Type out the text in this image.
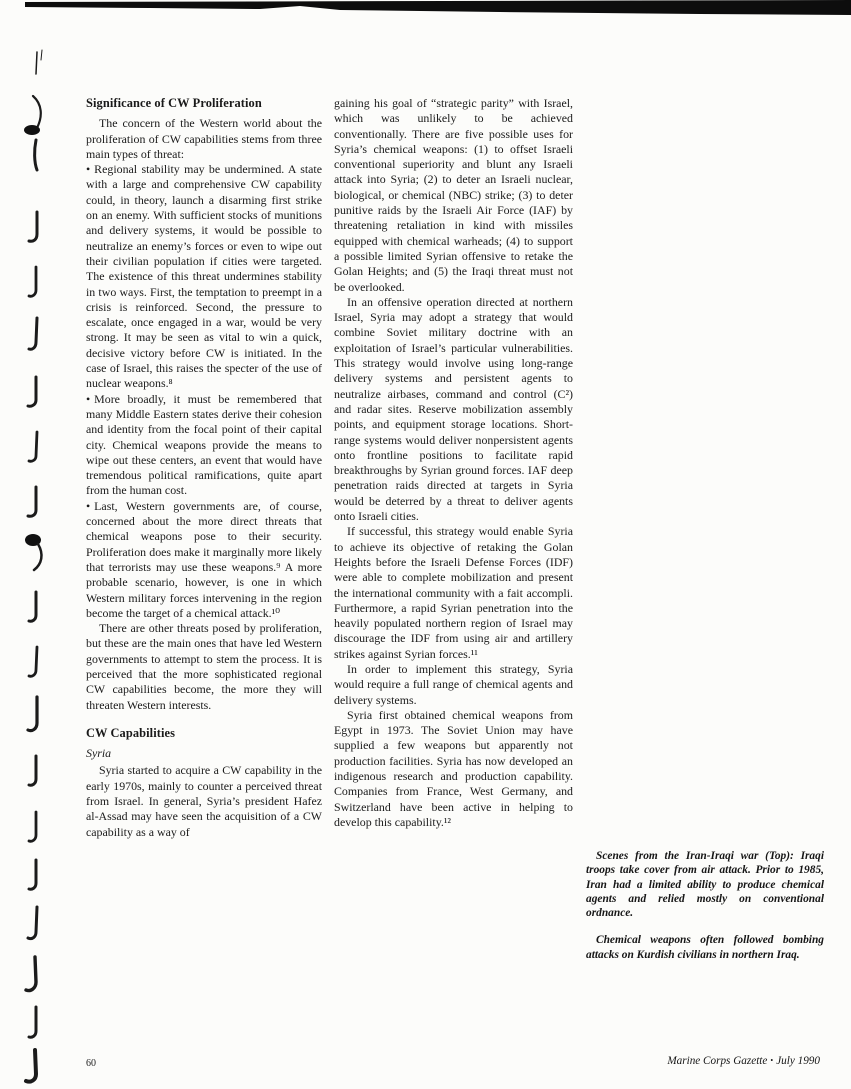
Significance of CW Proliferation

The concern of the Western world about the proliferation of CW capabilities stems from three main types of threat:

• Regional stability may be undermined. A state with a large and comprehensive CW capability could, in theory, launch a disarming first strike on an enemy. With sufficient stocks of munitions and delivery systems, it would be possible to neutralize an enemy’s forces or even to wipe out their civilian population if cities were targeted. The existence of this threat undermines stability in two ways. First, the temptation to preempt in a crisis is reinforced. Second, the pressure to escalate, once engaged in a war, would be very strong. It may be seen as vital to win a quick, decisive victory before CW is initiated. In the case of Israel, this raises the specter of the use of nuclear weapons.⁸

• More broadly, it must be remembered that many Middle Eastern states derive their cohesion and identity from the focal point of their capital city. Chemical weapons provide the means to wipe out these centers, an event that would have tremendous political ramifications, quite apart from the human cost.

• Last, Western governments are, of course, concerned about the more direct threats that chemical weapons pose to their security. Proliferation does make it marginally more likely that terrorists may use these weapons.⁹ A more probable scenario, however, is one in which Western military forces intervening in the region become the target of a chemical attack.¹⁰

There are other threats posed by proliferation, but these are the main ones that have led Western governments to attempt to stem the process. It is perceived that the more sophisticated regional CW capabilities become, the more they will threaten Western interests.

CW Capabilities

Syria

Syria started to acquire a CW capability in the early 1970s, mainly to counter a perceived threat from Israel. In general, Syria’s president Hafez al-Assad may have seen the acquisition of a CW capability as a way of

gaining his goal of “strategic parity” with Israel, which was unlikely to be achieved conventionally. There are five possible uses for Syria’s chemical weapons: (1) to offset Israeli conventional superiority and blunt any Israeli attack into Syria; (2) to deter an Israeli nuclear, biological, or chemical (NBC) strike; (3) to deter punitive raids by the Israeli Air Force (IAF) by threatening retaliation in kind with missiles equipped with chemical warheads; (4) to support a possible limited Syrian offensive to retake the Golan Heights; and (5) the Iraqi threat must not be overlooked.

In an offensive operation directed at northern Israel, Syria may adopt a strategy that would combine Soviet military doctrine with an exploitation of Israel’s particular vulnerabilities. This strategy would involve using long-range delivery systems and persistent agents to neutralize airbases, command and control (C²) and radar sites. Reserve mobilization assembly points, and equipment storage locations. Short-range systems would deliver nonpersistent agents onto frontline positions to facilitate rapid breakthroughs by Syrian ground forces. IAF deep penetration raids directed at targets in Syria would be deterred by a threat to deliver agents onto Israeli cities.

If successful, this strategy would enable Syria to achieve its objective of retaking the Golan Heights before the Israeli Defense Forces (IDF) were able to complete mobilization and present the international community with a fait accompli. Furthermore, a rapid Syrian penetration into the heavily populated northern region of Israel may discourage the IDF from using air and artillery strikes against Syrian forces.¹¹

In order to implement this strategy, Syria would require a full range of chemical agents and delivery systems.

Syria first obtained chemical weapons from Egypt in 1973. The Soviet Union may have supplied a few weapons but apparently not production facilities. Syria has now developed an indigenous research and production capability. Companies from France, West Germany, and Switzerland have been active in helping to develop this capability.¹²

Scenes from the Iran-Iraqi war (Top): Iraqi troops take cover from air attack. Prior to 1985, Iran had a limited ability to produce chemical agents and relied mostly on conventional ordnance.

Chemical weapons often followed bombing attacks on Kurdish civilians in northern Iraq.

60	Marine Corps Gazette • July 1990
